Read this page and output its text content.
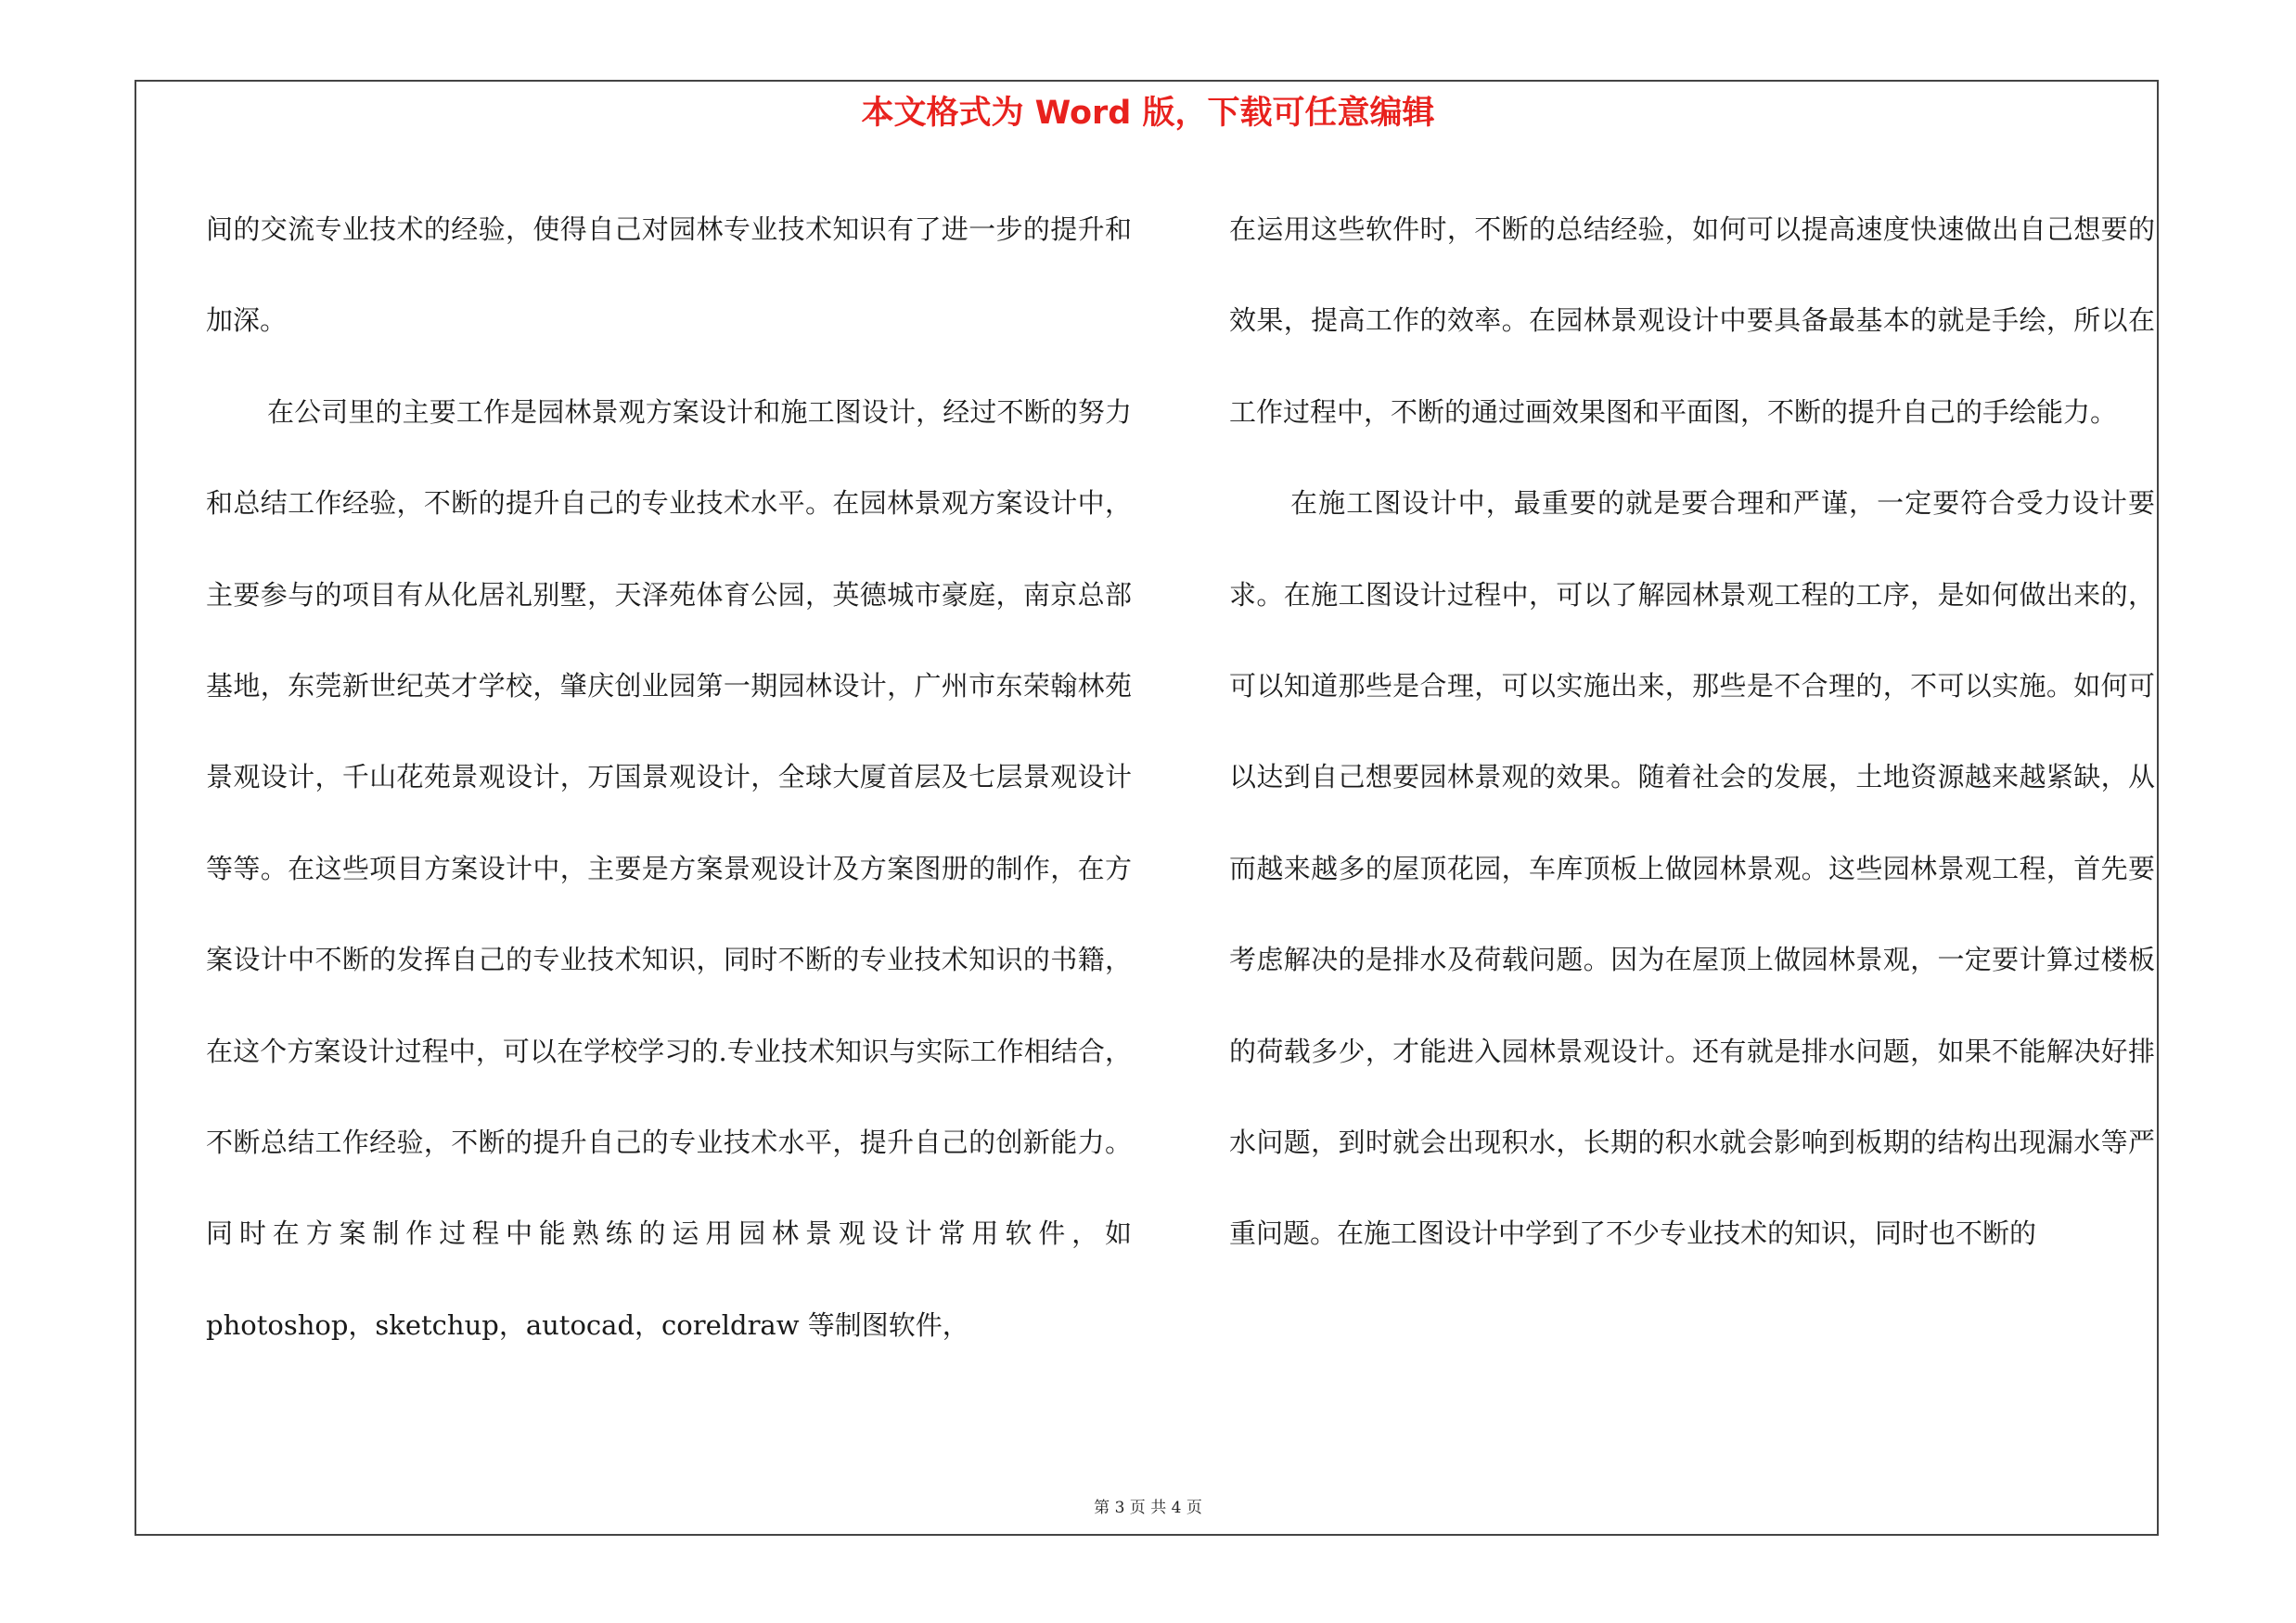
本文格式为 Word 版，下载可任意编辑

间的交流专业技术的经验，使得自己对园林专业技术知识有了进一步的提升和加深。

在公司里的主要工作是园林景观方案设计和施工图设计，经过不断的努力和总结工作经验，不断的提升自己的专业技术水平。在园林景观方案设计中，主要参与的项目有从化居礼别墅，天泽苑体育公园，英德城市豪庭，南京总部基地，东莞新世纪英才学校，肇庆创业园第一期园林设计，广州市东荣翰林苑景观设计，千山花苑景观设计，万国景观设计，全球大厦首层及七层景观设计等等。在这些项目方案设计中，主要是方案景观设计及方案图册的制作，在方案设计中不断的发挥自己的专业技术知识，同时不断的专业技术知识的书籍，在这个方案设计过程中，可以在学校学习的.专业技术知识与实际工作相结合，不断总结工作经验，不断的提升自己的专业技术水平，提升自己的创新能力。同时在方案制作过程中能熟练的运用园林景观设计常用软件，如 photoshop，sketchup，autocad，coreldraw 等制图软件，

在运用这些软件时，不断的总结经验，如何可以提高速度快速做出自己想要的效果，提高工作的效率。在园林景观设计中要具备最基本的就是手绘，所以在工作过程中，不断的通过画效果图和平面图，不断的提升自己的手绘能力。

在施工图设计中，最重要的就是要合理和严谨，一定要符合受力设计要求。在施工图设计过程中，可以了解园林景观工程的工序，是如何做出来的，可以知道那些是合理，可以实施出来，那些是不合理的，不可以实施。如何可以达到自己想要园林景观的效果。随着社会的发展，土地资源越来越紧缺，从而越来越多的屋顶花园，车库顶板上做园林景观。这些园林景观工程，首先要考虑解决的是排水及荷载问题。因为在屋顶上做园林景观，一定要计算过楼板的荷载多少，才能进入园林景观设计。还有就是排水问题，如果不能解决好排水问题，到时就会出现积水，长期的积水就会影响到板期的结构出现漏水等严重问题。在施工图设计中学到了不少专业技术的知识，同时也不断的

第 3 页 共 4 页
